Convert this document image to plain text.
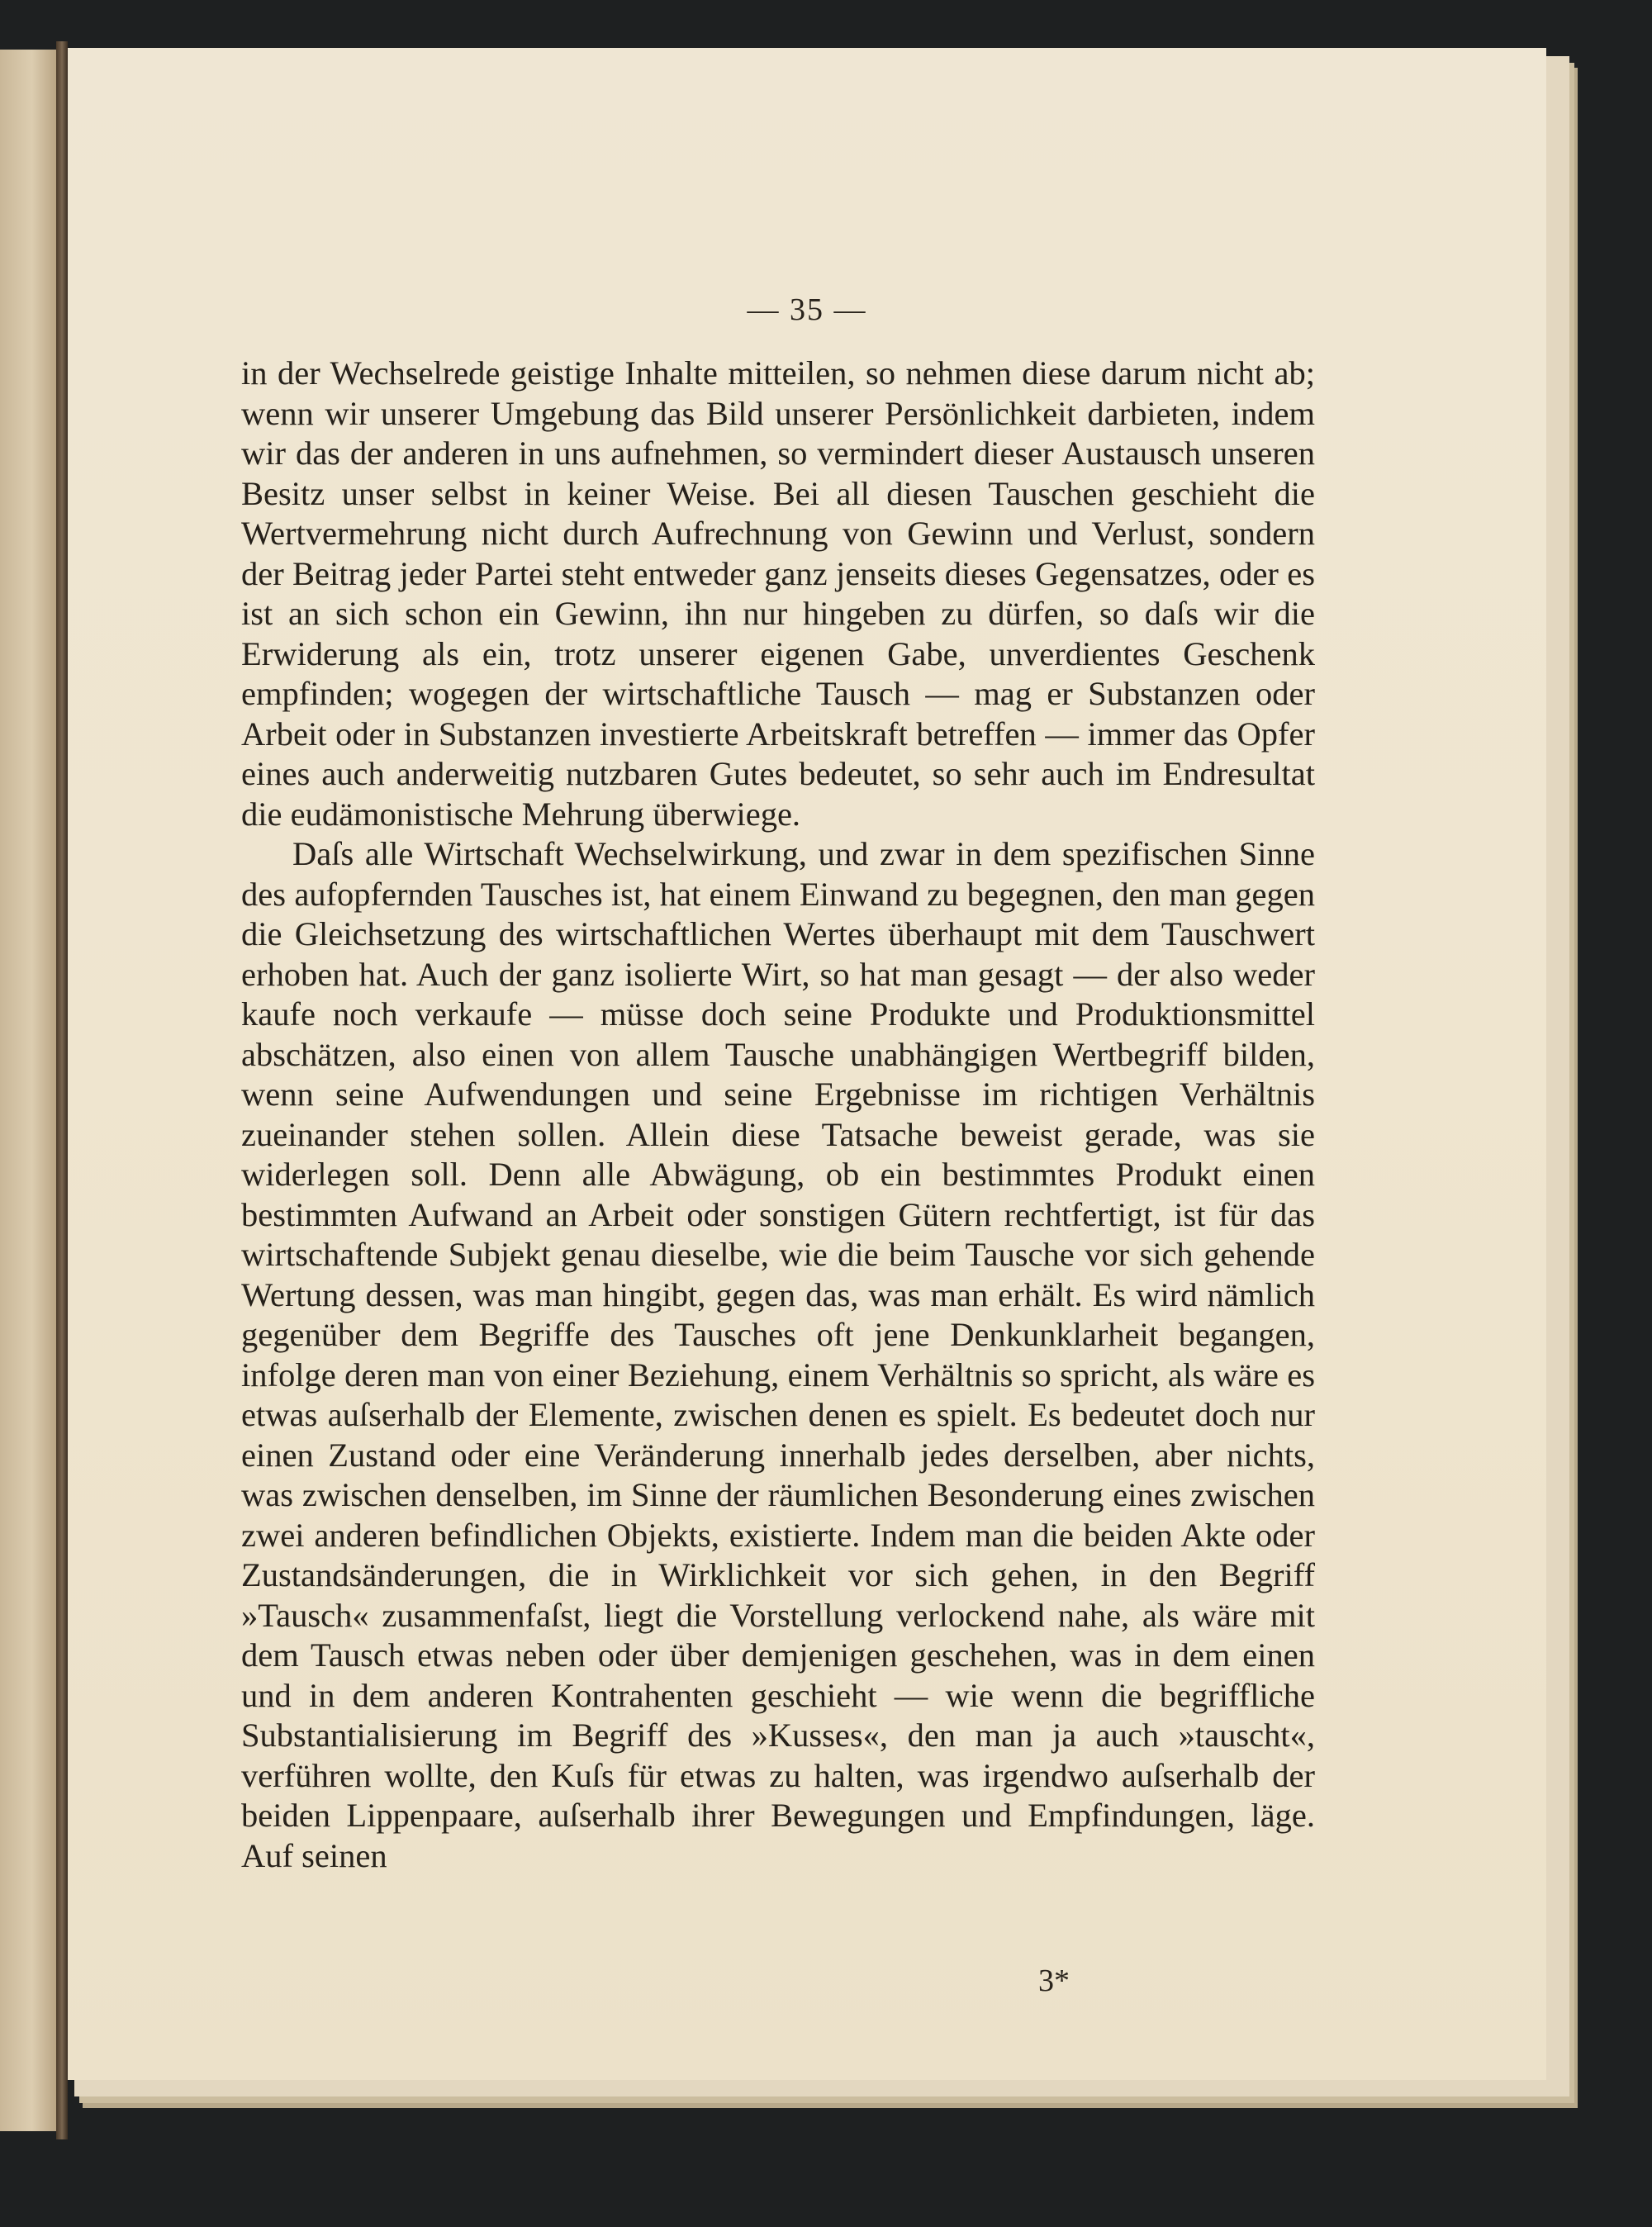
— 35 —

in der Wechselrede geistige Inhalte mitteilen, so nehmen diese darum nicht ab; wenn wir unserer Umgebung das Bild unserer Persönlichkeit darbieten, indem wir das der anderen in uns aufnehmen, so vermindert dieser Austausch unseren Besitz unser selbst in keiner Weise. Bei all diesen Tauschen geschieht die Wertvermehrung nicht durch Aufrechnung von Gewinn und Verlust, sondern der Beitrag jeder Partei steht entweder ganz jenseits dieses Gegensatzes, oder es ist an sich schon ein Gewinn, ihn nur hingeben zu dürfen, so daſs wir die Erwiderung als ein, trotz unserer eigenen Gabe, unverdientes Geschenk empfinden; wogegen der wirtschaftliche Tausch — mag er Substanzen oder Arbeit oder in Substanzen investierte Arbeitskraft betreffen — immer das Opfer eines auch anderweitig nutzbaren Gutes bedeutet, so sehr auch im Endresultat die eudämonistische Mehrung überwiege.

Daſs alle Wirtschaft Wechselwirkung, und zwar in dem spezifischen Sinne des aufopfernden Tausches ist, hat einem Einwand zu begegnen, den man gegen die Gleichsetzung des wirtschaftlichen Wertes überhaupt mit dem Tauschwert erhoben hat. Auch der ganz isolierte Wirt, so hat man gesagt — der also weder kaufe noch verkaufe — müsse doch seine Produkte und Produktionsmittel abschätzen, also einen von allem Tausche unabhängigen Wertbegriff bilden, wenn seine Aufwendungen und seine Ergebnisse im richtigen Verhältnis zueinander stehen sollen. Allein diese Tatsache beweist gerade, was sie widerlegen soll. Denn alle Abwägung, ob ein bestimmtes Produkt einen bestimmten Aufwand an Arbeit oder sonstigen Gütern rechtfertigt, ist für das wirtschaftende Subjekt genau dieselbe, wie die beim Tausche vor sich gehende Wertung dessen, was man hingibt, gegen das, was man erhält. Es wird nämlich gegenüber dem Begriffe des Tausches oft jene Denkunklarheit begangen, infolge deren man von einer Beziehung, einem Verhältnis so spricht, als wäre es etwas auſserhalb der Elemente, zwischen denen es spielt. Es bedeutet doch nur einen Zustand oder eine Veränderung innerhalb jedes derselben, aber nichts, was zwischen denselben, im Sinne der räumlichen Besonderung eines zwischen zwei anderen befindlichen Objekts, existierte. Indem man die beiden Akte oder Zustandsänderungen, die in Wirklichkeit vor sich gehen, in den Begriff »Tausch« zusammenfaſst, liegt die Vorstellung verlockend nahe, als wäre mit dem Tausch etwas neben oder über demjenigen geschehen, was in dem einen und in dem anderen Kontrahenten geschieht — wie wenn die begriffliche Substantialisierung im Begriff des »Kusses«, den man ja auch »tauscht«, verführen wollte, den Kuſs für etwas zu halten, was irgendwo auſserhalb der beiden Lippenpaare, auſserhalb ihrer Bewegungen und Empfindungen, läge. Auf seinen

3*
